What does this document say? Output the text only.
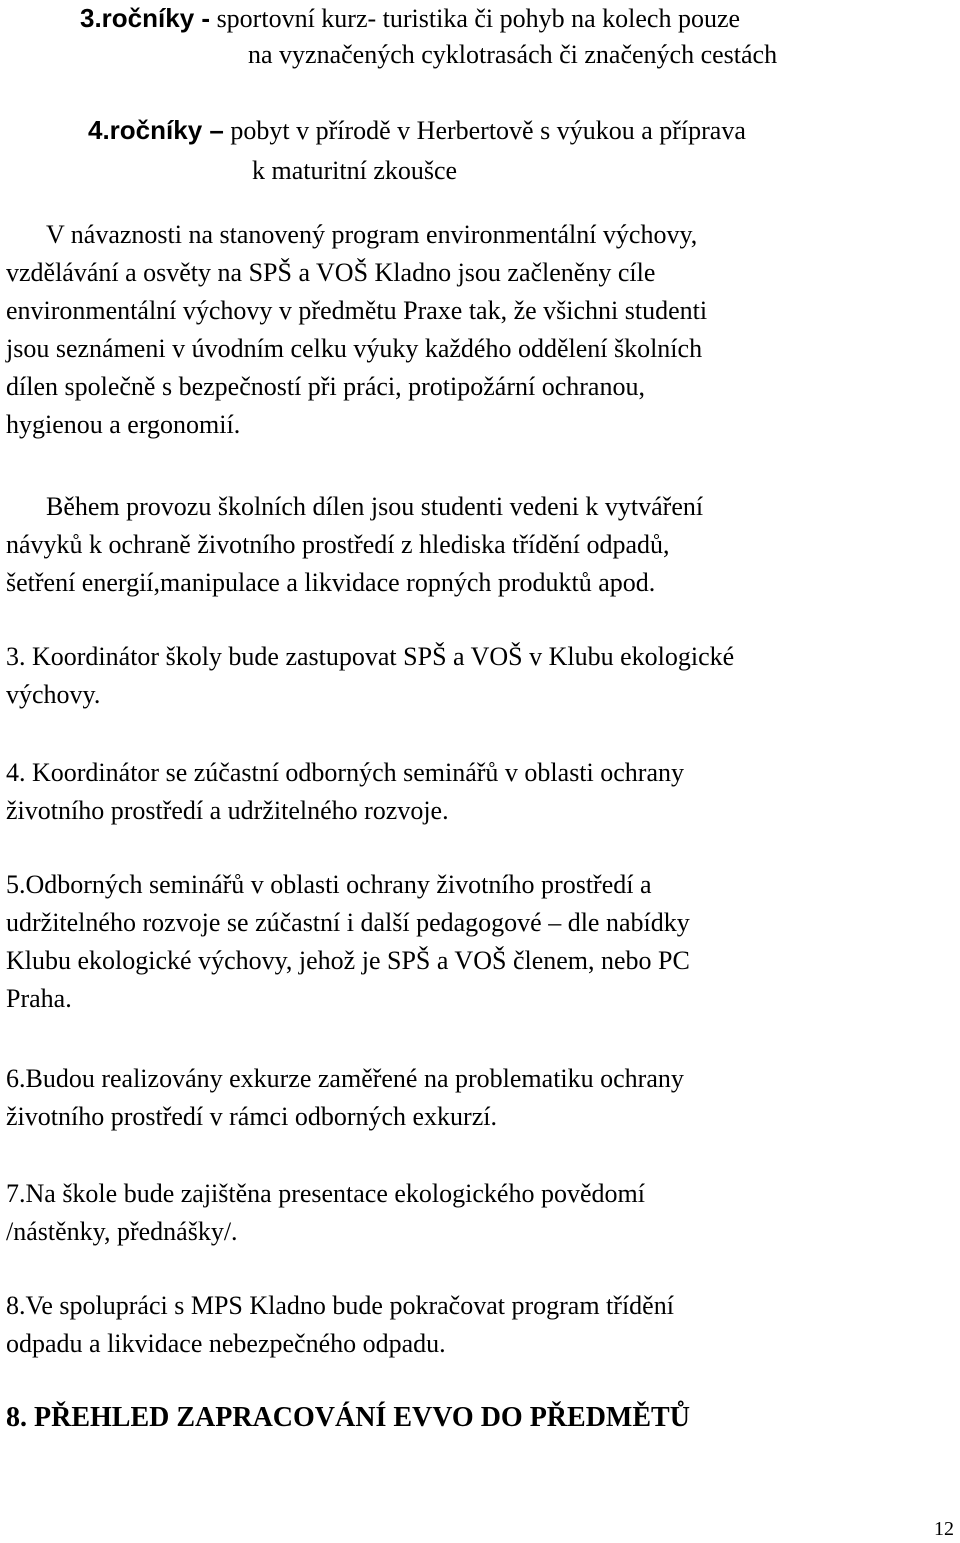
3.ročníky - sportovní kurz- turistika či pohyb na kolech pouze
na vyznačených cyklotrasách či značených cestách
4.ročníky – pobyt v přírodě v Herbertově s výukou a příprava
k maturitní zkoušce
V návaznosti na stanovený program environmentální výchovy,
vzdělávání a osvěty na SPŠ a VOŠ Kladno jsou začleněny cíle
environmentální výchovy v předmětu Praxe tak, že všichni studenti
jsou seznámeni v úvodním celku výuky každého oddělení školních
dílen společně s bezpečností při práci, protipožární ochranou,
hygienou a ergonomií.
Během provozu školních dílen jsou studenti vedeni k vytváření
návyků k ochraně životního prostředí z hlediska třídění odpadů,
šetření energií,manipulace a likvidace ropných produktů apod.
3. Koordinátor školy bude zastupovat SPŠ a VOŠ v Klubu ekologické
výchovy.
4. Koordinátor se zúčastní odborných seminářů v oblasti ochrany
životního prostředí a udržitelného rozvoje.
5.Odborných seminářů v oblasti ochrany životního prostředí a
udržitelného rozvoje se zúčastní i další pedagogové – dle nabídky
Klubu ekologické výchovy, jehož je SPŠ a VOŠ členem, nebo PC
Praha.
6.Budou realizovány exkurze zaměřené na problematiku ochrany
životního prostředí v rámci odborných exkurzí.
7.Na škole bude zajištěna presentace ekologického povědomí
/nástěnky, přednášky/.
8.Ve spolupráci s MPS Kladno bude pokračovat program třídění
odpadu a likvidace nebezpečného odpadu.
8. PŘEHLED ZAPRACOVÁNÍ EVVO DO PŘEDMĚTŮ
12
